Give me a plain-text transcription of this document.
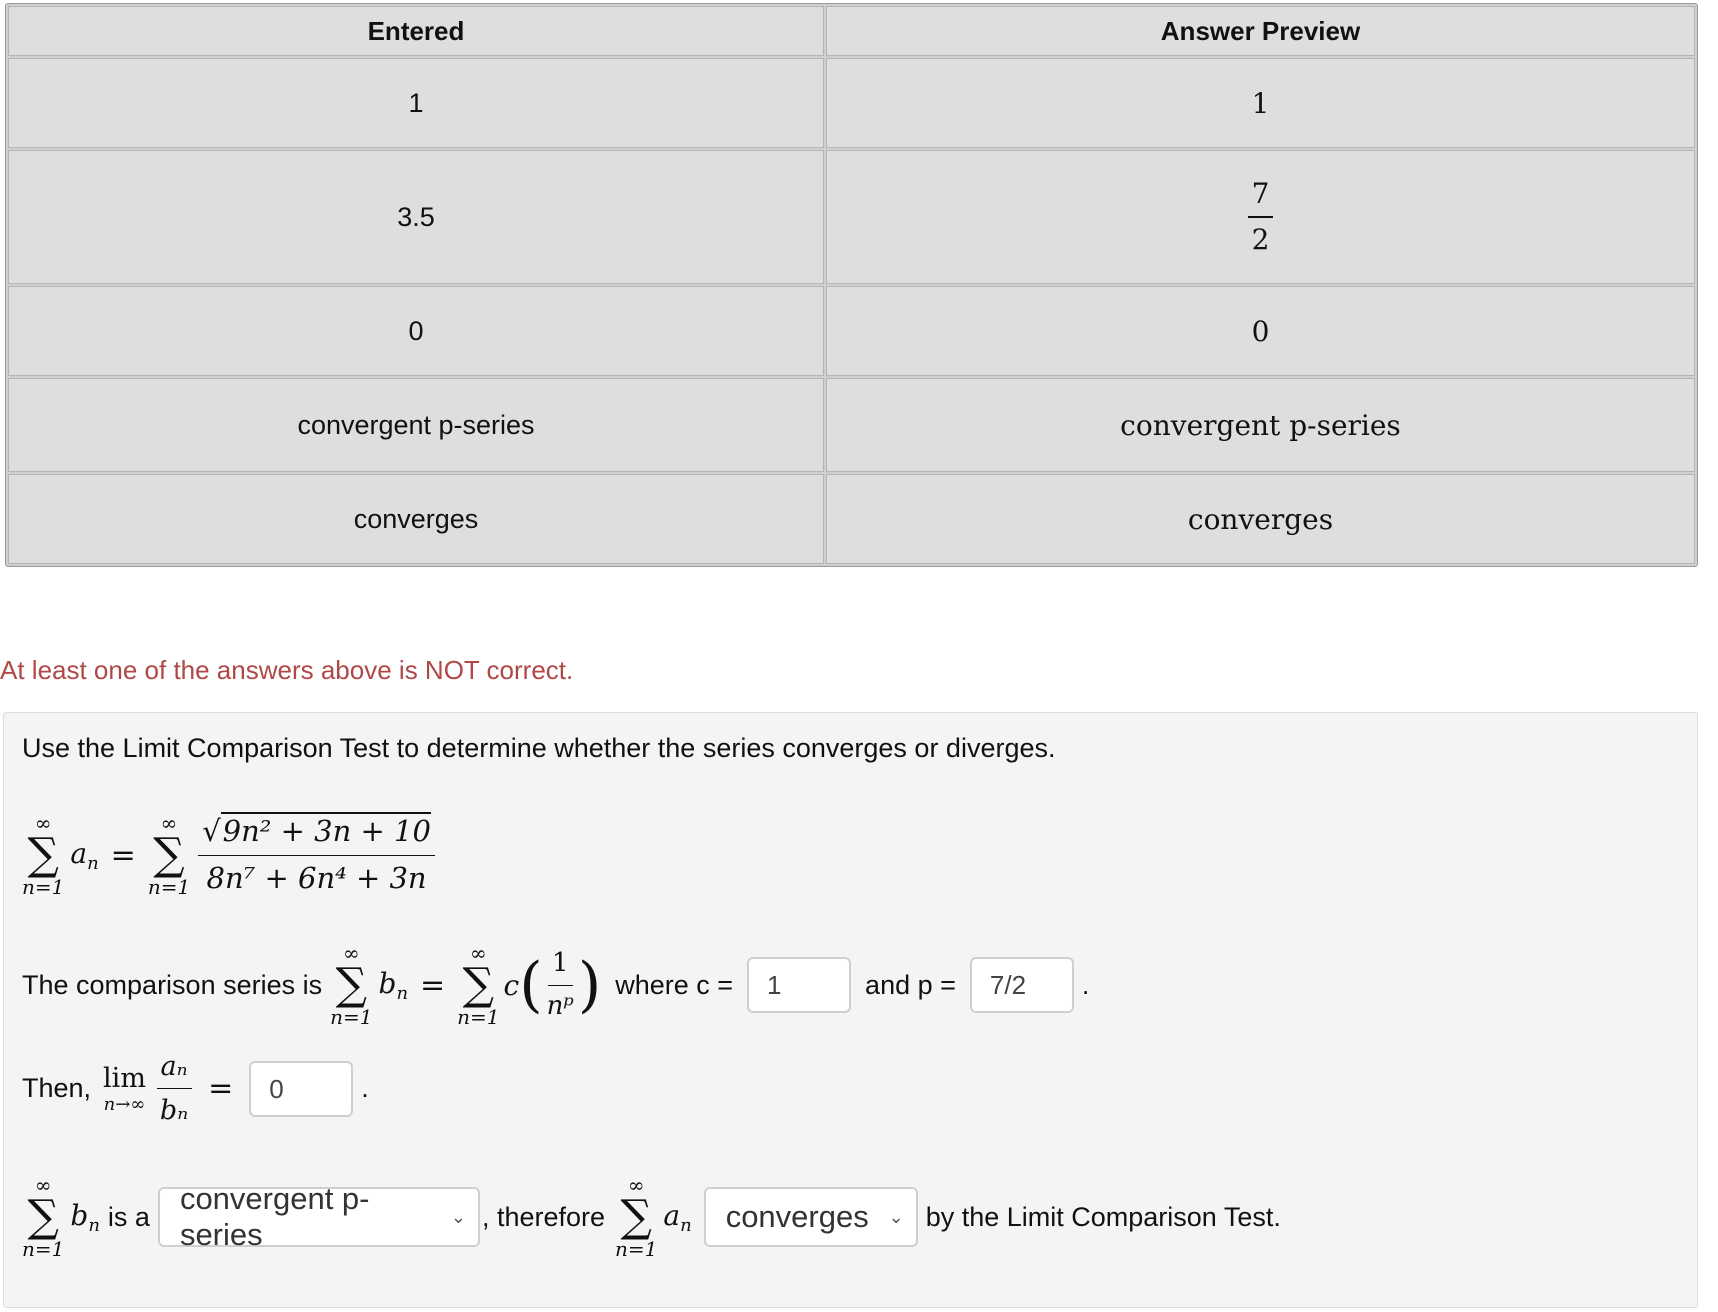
Entered	Answer Preview
1	1
3.5	$\frac{7}{2}$

0	0
convergent p-series	convergent p-series
converges	converges
At least one of the answers above is NOT correct.
Use the Limit Comparison Test to determine whether the series converges or diverges.
∞
∑
n=1
$a_n$ =
∞
∑
$n=1 \frac{\text{√9n² + 3n + 10}}{\text{8n⁷ + 6n⁴ + 3n}}$
The comparison series is
∞
∑
n=1
$b_n$ =
∞
∑
n=1
c ( $\frac{1}{\text{nᵖ}}$ ) where c =	1	and p =	7/2	.
Then, lim
$n\to\infty \frac{\text{aₙ}}{\text{bₙ}}$ =	0	.
∞
∑
n=1
$b_n$ is a
convergent p-series
⌄ , therefore
∞
∑
n=1
$a_n$ converges ⌄ by the Limit Comparison Test.
